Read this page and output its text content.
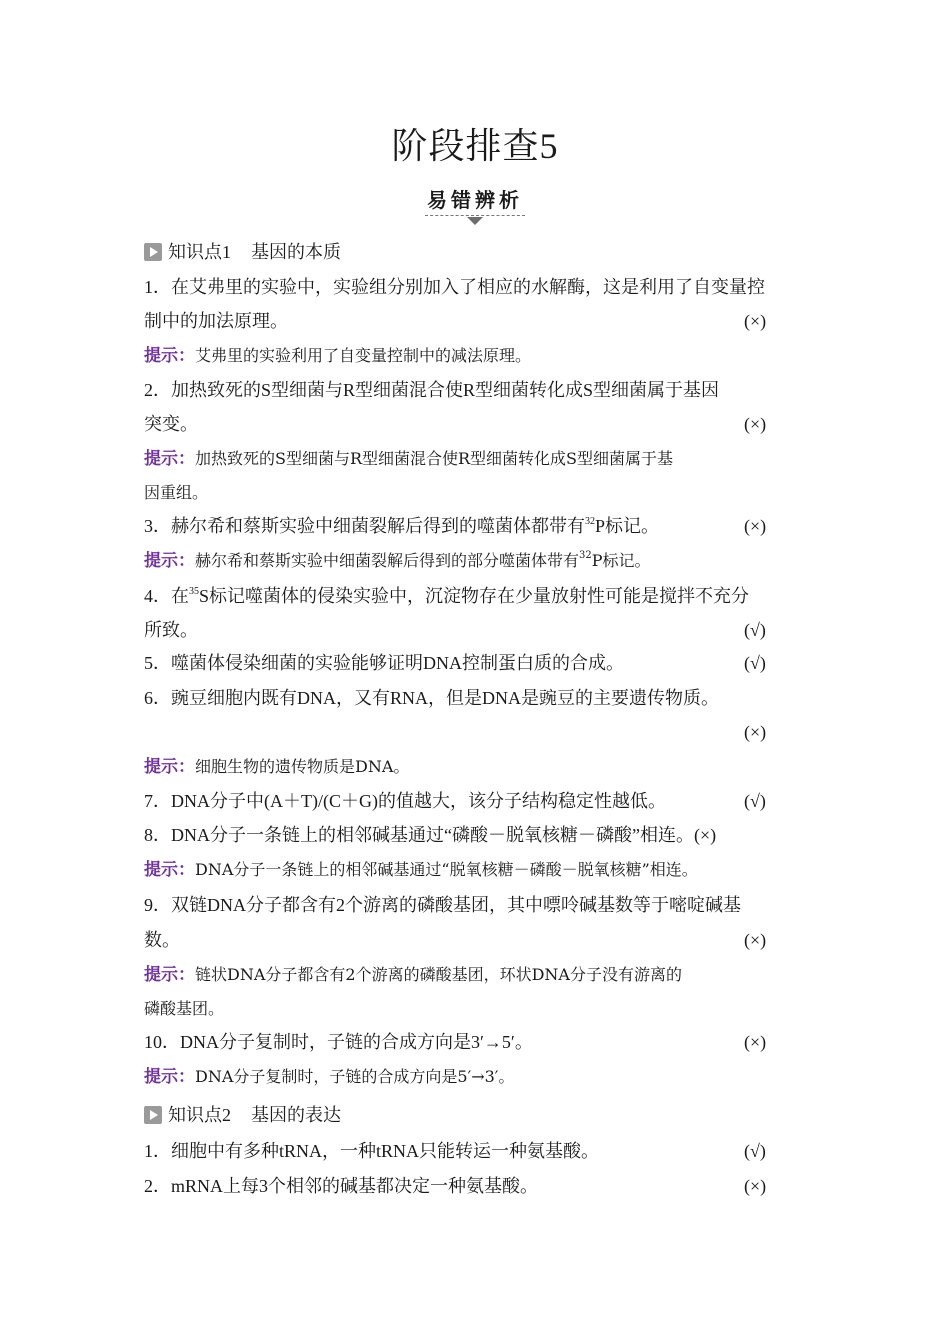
阶段排查5
易错辨析
知识点1 基因的本质
1．在艾弗里的实验中，实验组分别加入了相应的水解酶，这是利用了自变量控
制中的加法原理。	(×)
提示：艾弗里的实验利用了自变量控制中的减法原理。
2．加热致死的S型细菌与R型细菌混合使R型细菌转化成S型细菌属于基因
突变。	(×)
提示：加热致死的S型细菌与R型细菌混合使R型细菌转化成S型细菌属于基
因重组。
3．赫尔希和蔡斯实验中细菌裂解后得到的噬菌体都带有$^{32}$P标记。	(×)
提示：赫尔希和蔡斯实验中细菌裂解后得到的部分噬菌体带有$^{32}$P标记。
4．在$^{35}$S标记噬菌体的侵染实验中，沉淀物存在少量放射性可能是搅拌不充分
所致。	(√)
5．噬菌体侵染细菌的实验能够证明DNA控制蛋白质的合成。	(√)
6．豌豆细胞内既有DNA，又有RNA，但是DNA是豌豆的主要遗传物质。
(×)
提示：细胞生物的遗传物质是DNA。
7．DNA分子中(A＋T)/(C＋G)的值越大，该分子结构稳定性越低。	(√)
8．DNA分子一条链上的相邻碱基通过“磷酸－脱氧核糖－磷酸”相连。(×)
提示：DNA分子一条链上的相邻碱基通过“脱氧核糖－磷酸－脱氧核糖”相连。
9．双链DNA分子都含有2个游离的磷酸基团，其中嘌呤碱基数等于嘧啶碱基
数。	(×)
提示：链状DNA分子都含有2个游离的磷酸基团，环状DNA分子没有游离的
磷酸基团。
10．DNA分子复制时，子链的合成方向是3′→5′。	(×)
提示：DNA分子复制时，子链的合成方向是5′→3′。
知识点2 基因的表达
1．细胞中有多种tRNA，一种tRNA只能转运一种氨基酸。	(√)
2．mRNA上每3个相邻的碱基都决定一种氨基酸。	(×)
